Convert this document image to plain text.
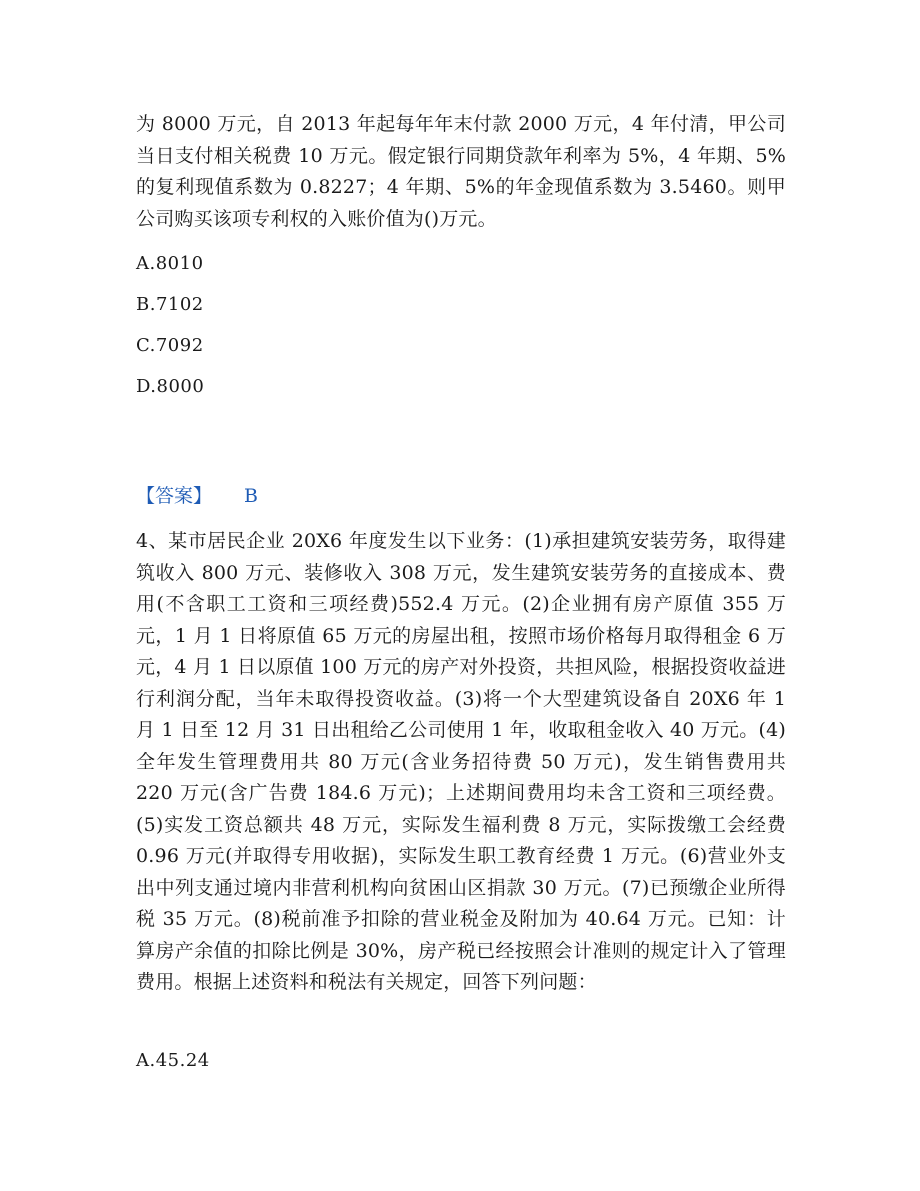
为 8000 万元，自 2013 年起每年年末付款 2000 万元，4 年付清，甲公司当日支付相关税费 10 万元。假定银行同期贷款年利率为 5%，4 年期、5%的复利现值系数为 0.8227；4 年期、5%的年金现值系数为 3.5460。则甲公司购买该项专利权的入账价值为()万元。

A.8010

B.7102

C.7092

D.8000

【答案】 B

4、某市居民企业 20X6 年度发生以下业务：(1)承担建筑安装劳务，取得建筑收入 800 万元、装修收入 308 万元，发生建筑安装劳务的直接成本、费用(不含职工工资和三项经费)552.4 万元。(2)企业拥有房产原值 355 万元，1 月 1 日将原值 65 万元的房屋出租，按照市场价格每月取得租金 6 万元，4 月 1 日以原值 100 万元的房产对外投资，共担风险，根据投资收益进行利润分配，当年未取得投资收益。(3)将一个大型建筑设备自 20X6 年 1 月 1 日至 12 月 31 日出租给乙公司使用 1 年，收取租金收入 40 万元。(4)全年发生管理费用共 80 万元(含业务招待费 50 万元)，发生销售费用共 220 万元(含广告费 184.6 万元)；上述期间费用均未含工资和三项经费。(5)实发工资总额共 48 万元，实际发生福利费 8 万元，实际拨缴工会经费 0.96 万元(并取得专用收据)，实际发生职工教育经费 1 万元。(6)营业外支出中列支通过境内非营利机构向贫困山区捐款 30 万元。(7)已预缴企业所得税 35 万元。(8)税前准予扣除的营业税金及附加为 40.64 万元。已知：计算房产余值的扣除比例是 30%，房产税已经按照会计准则的规定计入了管理费用。根据上述资料和税法有关规定，回答下列问题：

A.45.24
